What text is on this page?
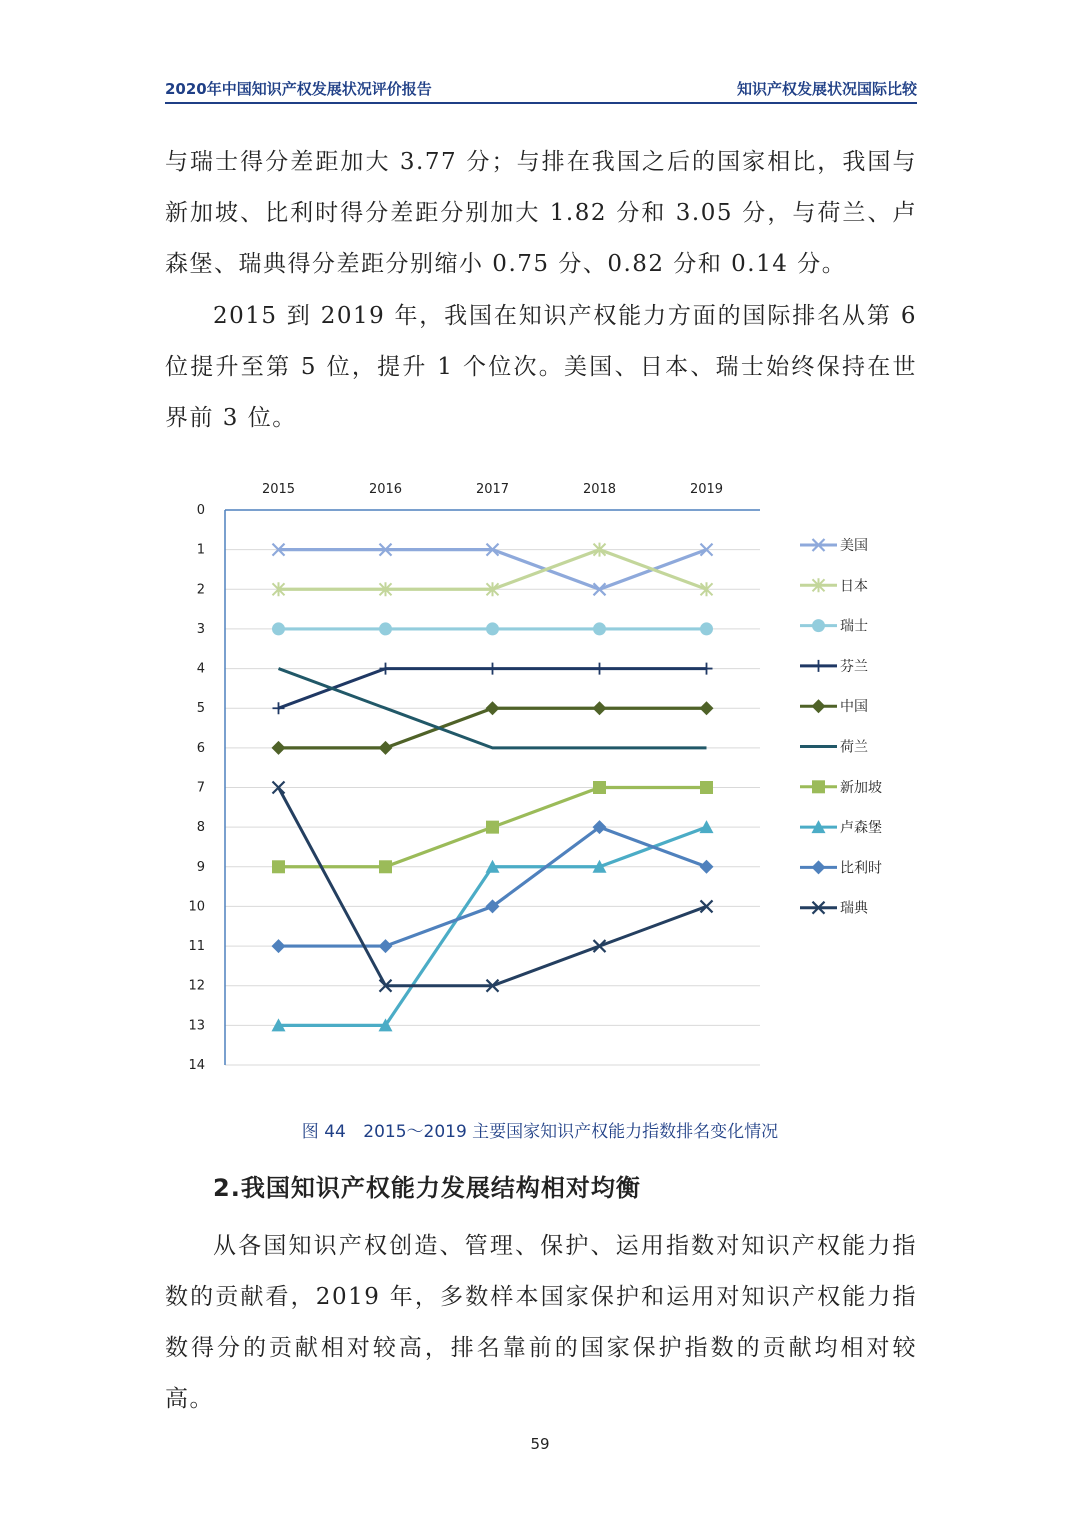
2020年中国知识产权发展状况评价报告	知识产权发展状况国际比较

与瑞士得分差距加大 3.77 分；与排在我国之后的国家相比，我国与新加坡、比利时得分差距分别加大 1.82 分和 3.05 分，与荷兰、卢森堡、瑞典得分差距分别缩小 0.75 分、0.82 分和 0.14 分。

2015 到 2019 年，我国在知识产权能力方面的国际排名从第 6 位提升至第 5 位，提升 1 个位次。美国、日本、瑞士始终保持在世界前 3 位。

0
1
2
3
4
5
6
7
8
9
10
11
12
13
14
2015	2016	2017	2018	2019
美国
日本
瑞士
芬兰
中国
荷兰
新加坡
卢森堡
比利时
瑞典
图 44 2015～2019 主要国家知识产权能力指数排名变化情况
2.我国知识产权能力发展结构相对均衡

从各国知识产权创造、管理、保护、运用指数对知识产权能力指数的贡献看，2019 年，多数样本国家保护和运用对知识产权能力指数得分的贡献相对较高，排名靠前的国家保护指数的贡献均相对较高。

59
